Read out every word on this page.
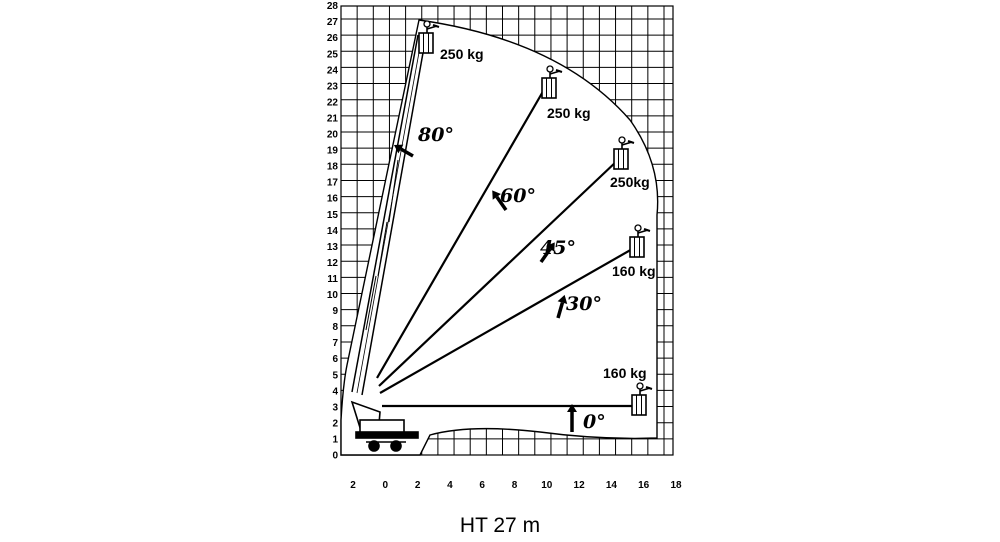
0
1
2
3
4
5
6
7
8
9
10
11
12
13
14
15
16
17
18
19
20
21
22
23
24
25
26
27
28
2	0	2	4	6	8 10 12 14 16 18
160 kg
160 kg
250kg
250 kg
250 kg
0°
30°
45°
60°
80°
HT 27 m
